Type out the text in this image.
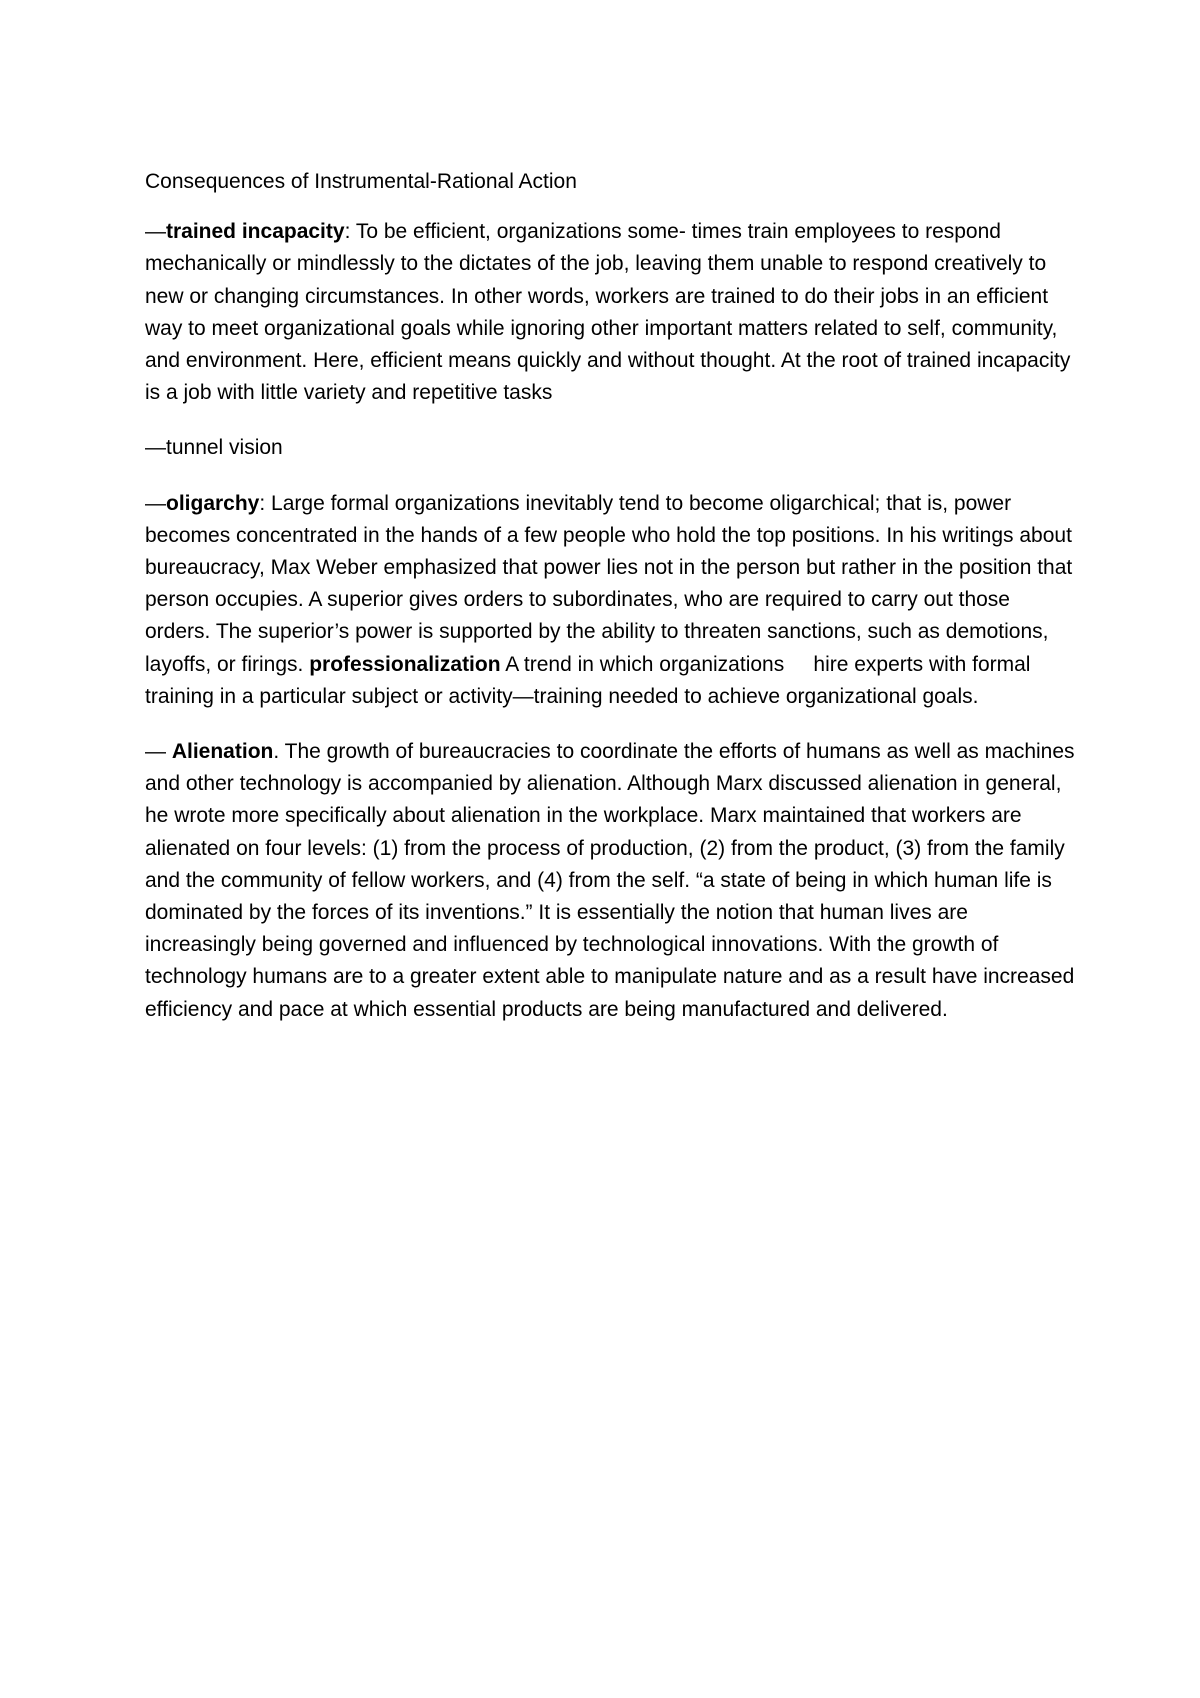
Consequences of Instrumental-Rational Action

—trained incapacity: To be efficient, organizations some- times train employees to respond mechanically or mindlessly to the dictates of the job, leaving them unable to respond creatively to new or changing circumstances. In other words, workers are trained to do their jobs in an efficient way to meet organizational goals while ignoring other important matters related to self, community, and environment. Here, efficient means quickly and without thought. At the root of trained incapacity is a job with little variety and repetitive tasks

—tunnel vision

—oligarchy: Large formal organizations inevitably tend to become oligarchical; that is, power becomes concentrated in the hands of a few people who hold the top positions. In his writings about bureaucracy, Max Weber emphasized that power lies not in the person but rather in the position that person occupies. A superior gives orders to subordinates, who are required to carry out those orders. The superior’s power is supported by the ability to threaten sanctions, such as demotions, layoffs, or firings. professionalization A trend in which organizations     hire experts with formal training in a particular subject or activity—training needed to achieve organizational goals.

— Alienation. The growth of bureaucracies to coordinate the efforts of humans as well as machines and other technology is accompanied by alienation. Although Marx discussed alienation in general, he wrote more specifically about alienation in the workplace. Marx maintained that workers are alienated on four levels: (1) from the process of production, (2) from the product, (3) from the family and the community of fellow workers, and (4) from the self. “a state of being in which human life is dominated by the forces of its inventions.” It is essentially the notion that human lives are increasingly being governed and influenced by technological innovations. With the growth of technology humans are to a greater extent able to manipulate nature and as a result have increased efficiency and pace at which essential products are being manufactured and delivered.
